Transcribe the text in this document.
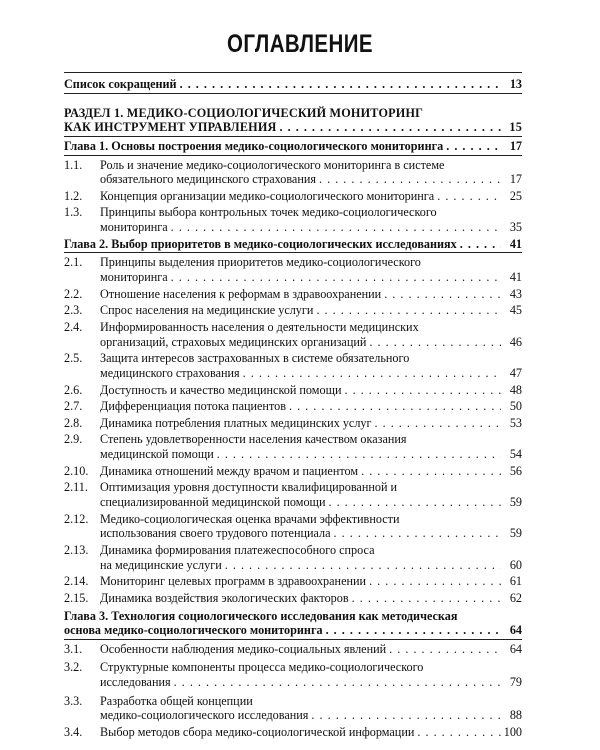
ОГЛАВЛЕНИЕ
Список сокращений . . .	13
РАЗДЕЛ 1. МЕДИКО-СОЦИОЛОГИЧЕСКИЙ МОНИТОРИНГ
КАК ИНСТРУМЕНТ УПРАВЛЕНИЯ . . .	15
Глава 1. Основы построения медико-социологического мониторинга . . .	17
1.1. Роль и значение медико-социологического мониторинга в системе
обязательного медицинского страхования . . .	17
1.2. Концепция организации медико-социологического мониторинга . . .	25
1.3. Принципы выбора контрольных точек медико-социологического
мониторинга . . .	35
Глава 2. Выбор приоритетов в медико-социологических исследованиях . . .	41
2.1. Принципы выделения приоритетов медико-социологического
мониторинга . . .	41
2.2. Отношение населения к реформам в здравоохранении . . .	43
2.3. Спрос населения на медицинские услуги . . .	45
2.4. Информированность населения о деятельности медицинских
организаций, страховых медицинских организаций . . .	46
2.5. Защита интересов застрахованных в системе обязательного
медицинского страхования . . .	47
2.6. Доступность и качество медицинской помощи . . .	48
2.7. Дифференциация потока пациентов . . .	50
2.8. Динамика потребления платных медицинских услуг . . .	53
2.9. Степень удовлетворенности населения качеством оказания
медицинской помощи . . .	54
2.10. Динамика отношений между врачом и пациентом . . .	56
2.11. Оптимизация уровня доступности квалифицированной и
специализированной медицинской помощи . . .	59
2.12. Медико-социологическая оценка врачами эффективности
использования своего трудового потенциала . . .	59
2.13. Динамика формирования платежеспособного спроса
на медицинские услуги . . .	60
2.14. Мониторинг целевых программ в здравоохранении . . .	61
2.15. Динамика воздействия экологических факторов . . .	62
Глава 3. Технология социологического исследования как методическая
основа медико-социологического мониторинга . . .	64
3.1. Особенности наблюдения медико-социальных явлений . . .	64
3.2. Структурные компоненты процесса медико-социологического
исследования . . .	79
3.3. Разработка общей концепции
медико-социологического исследования . . .	88
3.4. Выбор методов сбора медико-социологической информации . . .	100
